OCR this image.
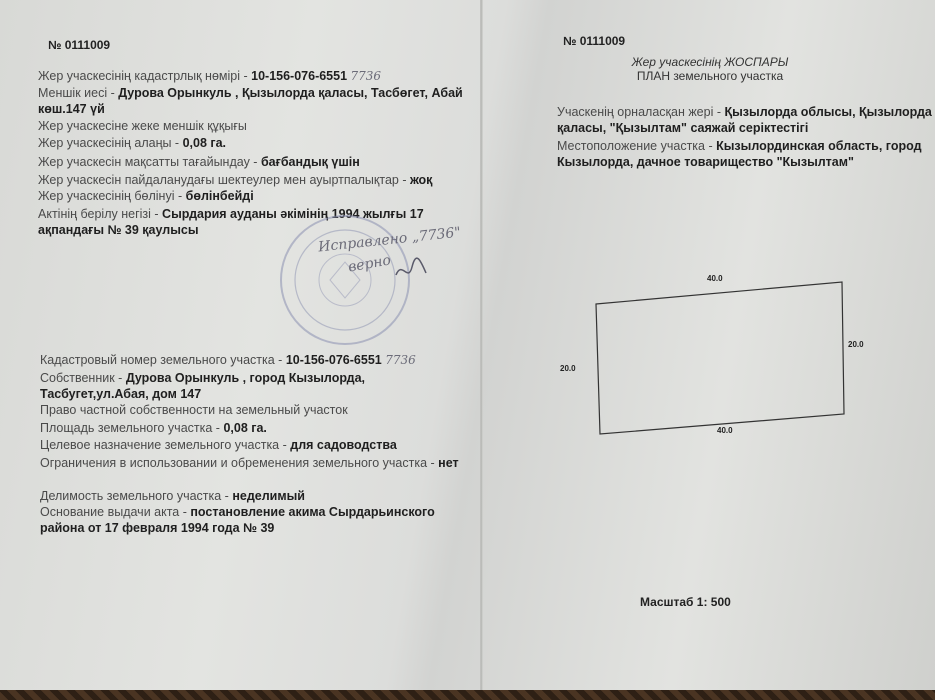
№ 0111009
Жер учаскесінің кадастрлық нөмірі - 10-156-076-6551 7736
Меншік иесі - Дурова Орынкуль , Қызылорда қаласы, Тасбөгет, Абай көш.147 үй
Жер учаскесіне жеке меншік құқығы
Жер учаскесінің алаңы - 0,08 га.
Жер учаскесін мақсатты тағайындау - бағбандық үшін
Жер учаскесін пайдаланудағы шектеулер мен ауыртпалықтар - жоқ
Жер учаскесінің бөлінуі - бөлінбейді
Актінің берілу негізі - Сырдария ауданы әкімінің 1994 жылғы 17 ақпандағы № 39 қаулысы	Исправлено „7736"
верно
Кадастровый номер земельного участка - 10-156-076-6551 7736
Собственник - Дурова Орынкуль , город Кызылорда, Тасбугет,ул.Абая, дом 147
Право частной собственности на земельный участок
Площадь земельного участка - 0,08 га.
Целевое назначение земельного участка - для садоводства
Ограничения в использовании и обременения земельного участка - нет
Делимость земельного участка - неделимый
Основание выдачи акта - постановление акима Сырдарьинского района от 17 февраля 1994 года № 39
№ 0111009
Жер учаскесінің ЖОСПАРЫ
ПЛАН земельного участка
Учаскенің орналасқан жері - Қызылорда облысы, Қызылорда қаласы, "Қызылтам" саяжай серіктестігі
Местоположение участка - Кызылординская область, город Кызылорда, дачное товарищество "Кызылтам"
40.0
20.0
20.0
40.0
Масштаб 1: 500
